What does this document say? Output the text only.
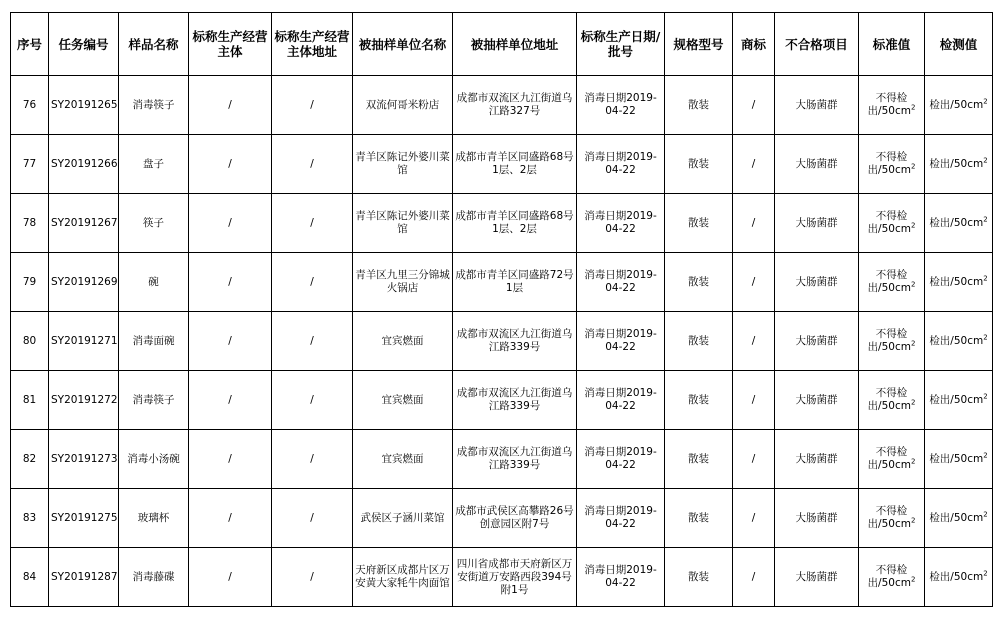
序号	任务编号	样品名称	标称生产经营主体	标称生产经营主体地址	被抽样单位名称	被抽样单位地址	标称生产日期/批号	规格型号	商标	不合格项目	标准值	检测值
76	SY20191265	消毒筷子	/	/	双流何哥米粉店	成都市双流区九江街道乌江路327号	消毒日期2019-04-22	散装	/	大肠菌群	不得检出$/50cm^2$	检出$/50cm^2$
77	SY20191266	盘子	/	/	青羊区陈记外婆川菜馆	成都市青羊区同盛路68号1层、2层	消毒日期2019-04-22	散装	/	大肠菌群	不得检出$/50cm^2$	检出$/50cm^2$
78	SY20191267	筷子	/	/	青羊区陈记外婆川菜馆	成都市青羊区同盛路68号1层、2层	消毒日期2019-04-22	散装	/	大肠菌群	不得检出$/50cm^2$	检出$/50cm^2$
79	SY20191269	碗	/	/	青羊区九里三分锦城火锅店	成都市青羊区同盛路72号1层	消毒日期2019-04-22	散装	/	大肠菌群	不得检出$/50cm^2$	检出$/50cm^2$
80	SY20191271	消毒面碗	/	/	宜宾燃面	成都市双流区九江街道乌江路339号	消毒日期2019-04-22	散装	/	大肠菌群	不得检出$/50cm^2$	检出$/50cm^2$
81	SY20191272	消毒筷子	/	/	宜宾燃面	成都市双流区九江街道乌江路339号	消毒日期2019-04-22	散装	/	大肠菌群	不得检出$/50cm^2$	检出$/50cm^2$
82	SY20191273	消毒小汤碗	/	/	宜宾燃面	成都市双流区九江街道乌江路339号	消毒日期2019-04-22	散装	/	大肠菌群	不得检出$/50cm^2$	检出$/50cm^2$
83	SY20191275	玻璃杯	/	/	武侯区子涵川菜馆	成都市武侯区高攀路26号创意园区附7号	消毒日期2019-04-22	散装	/	大肠菌群	不得检出$/50cm^2$	检出$/50cm^2$
84	SY20191287	消毒藤碟	/	/	天府新区成都片区万安黄大家牦牛肉面馆	四川省成都市天府新区万安街道万安路西段394号附1号	消毒日期2019-04-22	散装	/	大肠菌群	不得检出$/50cm^2$	检出$/50cm^2$
